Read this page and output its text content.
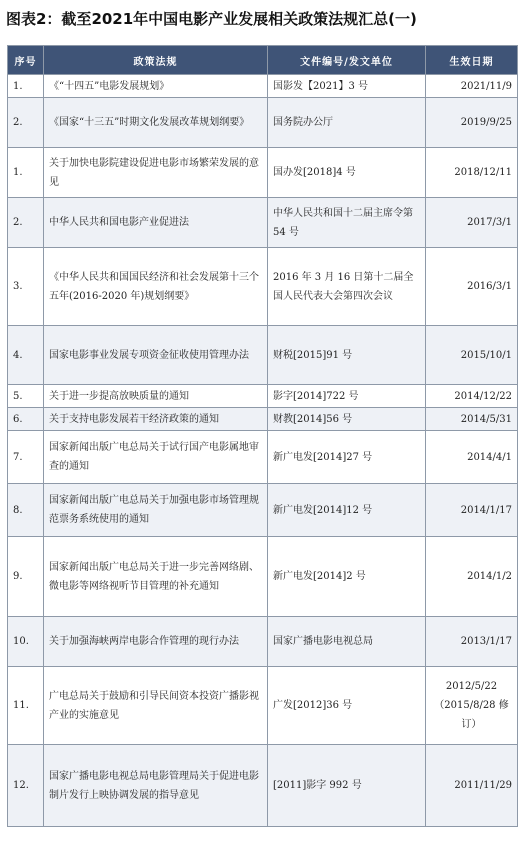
图表2：截至2021年中国电影产业发展相关政策法规汇总(一)
序号	政策法规	文件编号/发文单位	生效日期
1.	《“十四五”电影发展规划》	国影发【2021】3 号	2021/11/9
2.	《国家“十三五”时期文化发展改革规划纲要》	国务院办公厅	2019/9/25
1.	关于加快电影院建设促进电影市场繁荣发展的意见	国办发[2018]4 号	2018/12/11
2.	中华人民共和国电影产业促进法	中华人民共和国十二届主席令第 54 号	2017/3/1
3.	《中华人民共和国国民经济和社会发展第十三个五年(2016-2020 年)规划纲要》	2016 年 3 月 16 日第十二届全国人民代表大会第四次会议	2016/3/1
4.	国家电影事业发展专项资金征收使用管理办法	财税[2015]91 号	2015/10/1
5.	关于进一步提高放映质量的通知	影字[2014]722 号	2014/12/22
6.	关于支持电影发展若干经济政策的通知	财教[2014]56 号	2014/5/31
7.	国家新闻出版广电总局关于试行国产电影属地审查的通知	新广电发[2014]27 号	2014/4/1
8.	国家新闻出版广电总局关于加强电影市场管理规范票务系统使用的通知	新广电发[2014]12 号	2014/1/17
9.	国家新闻出版广电总局关于进一步完善网络剧、微电影等网络视听节目管理的补充通知	新广电发[2014]2 号	2014/1/2
10.	关于加强海峡两岸电影合作管理的现行办法	国家广播电影电视总局	2013/1/17
11.	广电总局关于鼓励和引导民间资本投资广播影视产业的实施意见	广发[2012]36 号	2012/5/22（2015/8/28 修订）
12.	国家广播电影电视总局电影管理局关于促进电影制片发行上映协调发展的指导意见	[2011]影字 992 号	2011/11/29
